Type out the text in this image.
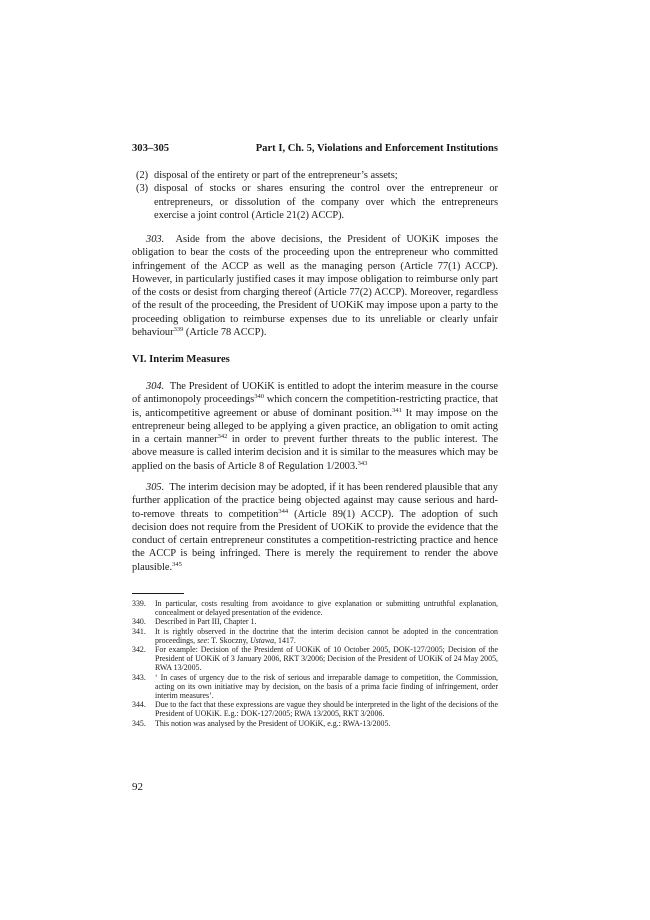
303–305	Part I, Ch. 5, Violations and Enforcement Institutions
(2) disposal of the entirety or part of the entrepreneur’s assets;
(3) disposal of stocks or shares ensuring the control over the entrepreneur or entrepreneurs, or dissolution of the company over which the entrepreneurs exercise a joint control (Article 21(2) ACCP).
303. Aside from the above decisions, the President of UOKiK imposes the obligation to bear the costs of the proceeding upon the entrepreneur who committed infringement of the ACCP as well as the managing person (Article 77(1) ACCP). However, in particularly justified cases it may impose obligation to reimburse only part of the costs or desist from charging thereof (Article 77(2) ACCP). Moreover, regardless of the result of the proceeding, the President of UOKiK may impose upon a party to the proceeding obligation to reimburse expenses due to its unreliable or clearly unfair behaviour$^{339}$ (Article 78 ACCP).
VI. Interim Measures
304. The President of UOKiK is entitled to adopt the interim measure in the course of antimonopoly proceedings$^{340}$ which concern the competition-restricting practice, that is, anticompetitive agreement or abuse of dominant position.$^{341}$ It may impose on the entrepreneur being alleged to be applying a given practice, an obligation to omit acting in a certain manner$^{342}$ in order to prevent further threats to the public interest. The above measure is called interim decision and it is similar to the measures which may be applied on the basis of Article 8 of Regulation 1/2003.$^{343}$
305. The interim decision may be adopted, if it has been rendered plausible that any further application of the practice being objected against may cause serious and hard-to-remove threats to competition$^{344}$ (Article 89(1) ACCP). The adoption of such decision does not require from the President of UOKiK to provide the evidence that the conduct of certain entrepreneur constitutes a competition-restricting practice and hence the ACCP is being infringed. There is merely the requirement to render the above plausible.$^{345}$
339. In particular, costs resulting from avoidance to give explanation or submitting untruthful explanation, concealment or delayed presentation of the evidence.
340. Described in Part III, Chapter 1.
341. It is rightly observed in the doctrine that the interim decision cannot be adopted in the concentration proceedings, see: T. Skoczny, Ustawa, 1417.
342. For example: Decision of the President of UOKiK of 10 October 2005, DOK-127/2005; Decision of the President of UOKiK of 3 January 2006, RKT 3/2006; Decision of the President of UOKiK of 24 May 2005, RWA 13/2005.
343. ‘ In cases of urgency due to the risk of serious and irreparable damage to competition, the Commission, acting on its own initiative may by decision, on the basis of a prima facie finding of infringement, order interim measures’.
344. Due to the fact that these expressions are vague they should be interpreted in the light of the decisions of the President of UOKiK. E.g.: DOK-127/2005; RWA 13/2005, RKT 3/2006.
345. This notion was analysed by the President of UOKiK, e.g.: RWA-13/2005.
92
